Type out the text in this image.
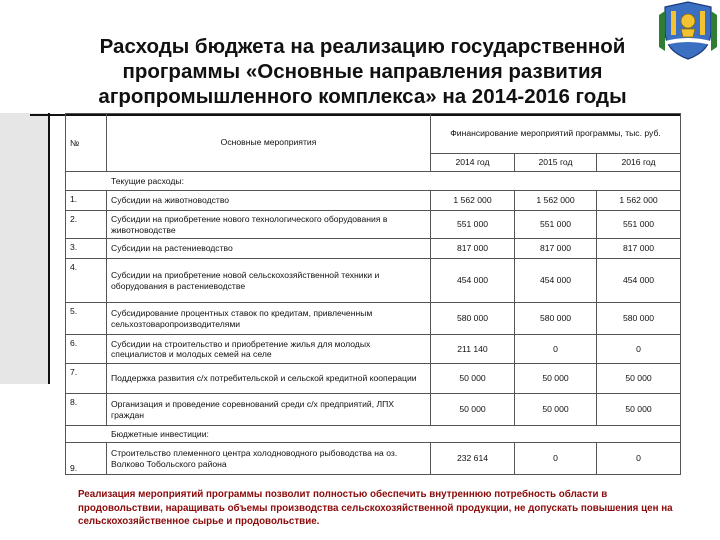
Расходы бюджета на реализацию государственной программы «Основные направления развития агропромышленного комплекса» на 2014-2016 годы
№	Основные мероприятия	Финансирование мероприятий программы, тыс. руб.		
		2014 год	2015 год	2016 год
Текущие расходы:				
1.	Субсидии на животноводство	1 562 000	1 562 000	1 562 000
2.	Субсидии на приобретение нового технологического оборудования в животноводстве	551 000	551 000	551 000
3.	Субсидии на растениеводство	817 000	817 000	817 000
4.	Субсидии на приобретение новой сельскохозяйственной техники и оборудования в растениеводстве	454 000	454 000	454 000
5.	Субсидирование процентных ставок по кредитам, привлеченным сельхозтоваропроизводителями	580 000	580 000	580 000
6.	Субсидии на строительство и приобретение жилья для молодых специалистов и молодых семей на селе	211 140	0	0
7.	Поддержка развития с/х потребительской и сельской кредитной кооперации	50 000	50 000	50 000
8.	Организация и проведение соревнований среди с/х предприятий, ЛПХ граждан	50 000	50 000	50 000
Бюджетные инвестиции:				
9.	Строительство племенного центра холодноводного рыбоводства на оз. Волково Тобольского района	232 614	0	0

Реализация мероприятий программы позволит полностью обеспечить внутреннюю потребность области в продовольствии, наращивать объемы производства сельскохозяйственной продукции, не допускать повышения цен на сельскохозяйственное сырье и продовольствие.
